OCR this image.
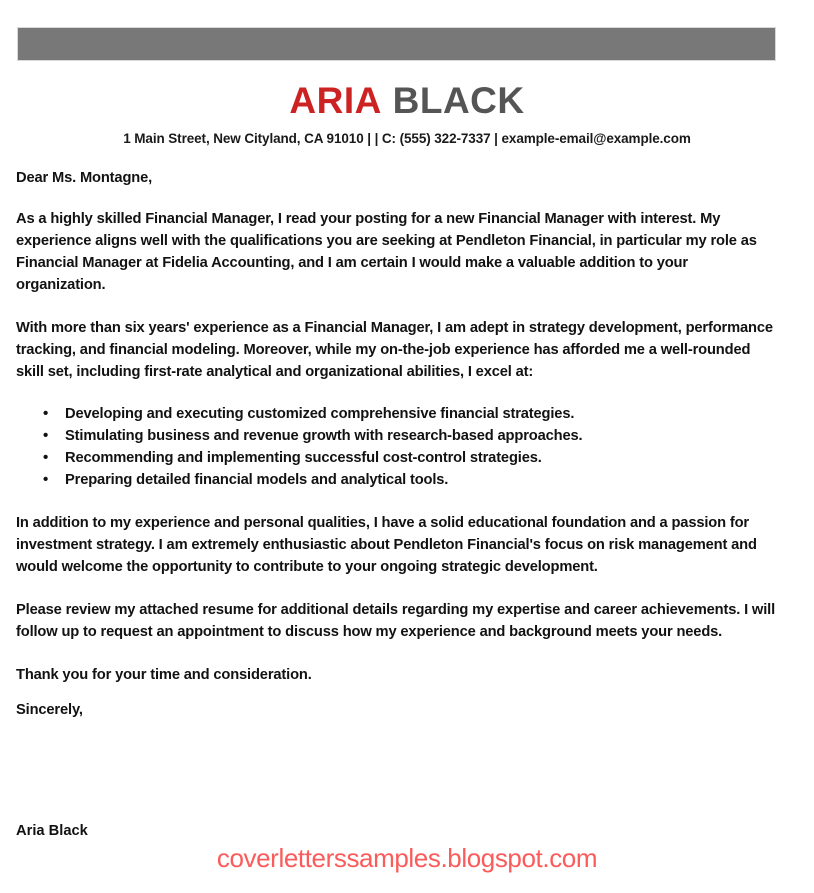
ARIA BLACK
1 Main Street, New Cityland, CA 91010 | | C: (555) 322-7337 | example-email@example.com

Dear Ms. Montagne,

As a highly skilled Financial Manager, I read your posting for a new Financial Manager with interest. My experience aligns well with the qualifications you are seeking at Pendleton Financial, in particular my role as Financial Manager at Fidelia Accounting, and I am certain I would make a valuable addition to your organization.

With more than six years' experience as a Financial Manager, I am adept in strategy development, performance tracking, and financial modeling. Moreover, while my on-the-job experience has afforded me a well-rounded skill set, including first-rate analytical and organizational abilities, I excel at:

• Developing and executing customized comprehensive financial strategies.
• Stimulating business and revenue growth with research-based approaches.
• Recommending and implementing successful cost-control strategies.
• Preparing detailed financial models and analytical tools.

In addition to my experience and personal qualities, I have a solid educational foundation and a passion for investment strategy. I am extremely enthusiastic about Pendleton Financial's focus on risk management and would welcome the opportunity to contribute to your ongoing strategic development.

Please review my attached resume for additional details regarding my expertise and career achievements. I will follow up to request an appointment to discuss how my experience and background meets your needs.

Thank you for your time and consideration.

Sincerely,

Aria Black
coverletterssamples.blogspot.com
